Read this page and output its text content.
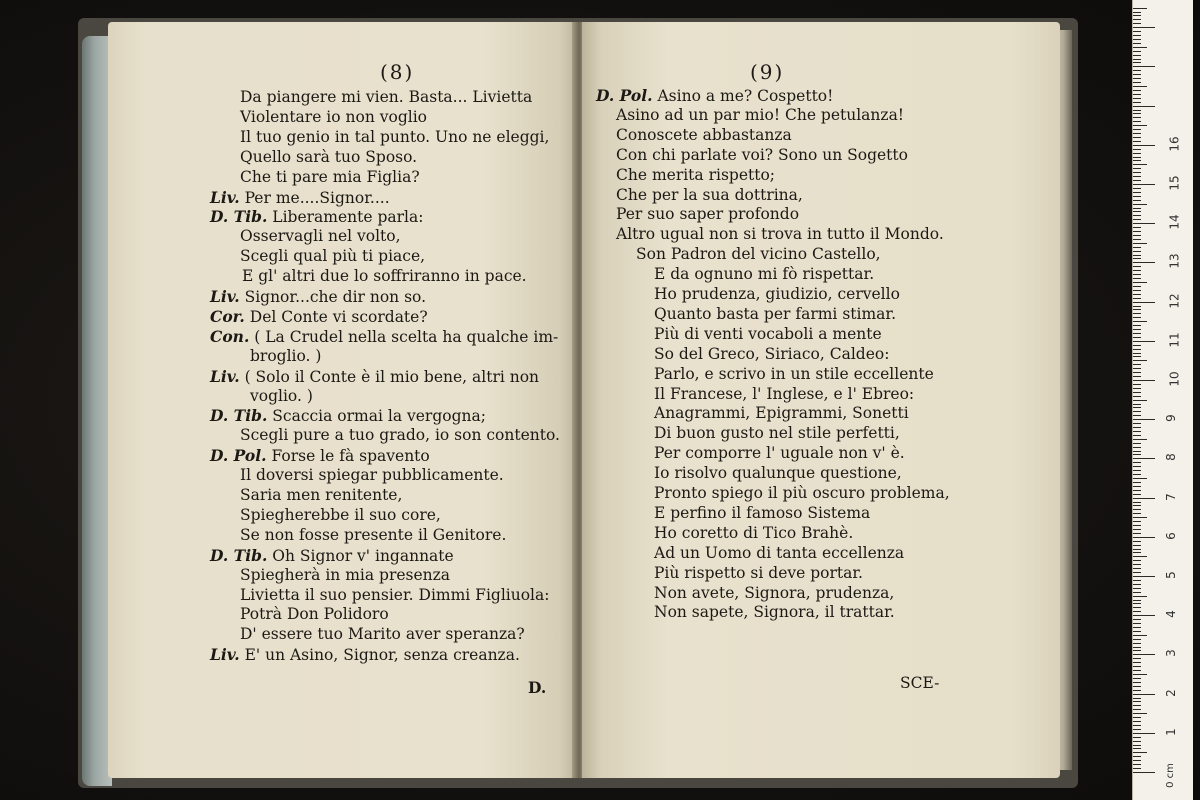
(8)
Da piangere mi vien. Basta... Livietta
Violentare io non voglio
Il tuo genio in tal punto. Uno ne eleggi,
Quello sarà tuo Sposo.
Che ti pare mia Figlia?
Liv. Per me....Signor....
D. Tib. Liberamente parla:
Osservagli nel volto,
Scegli qual più ti piace,
E gl' altri due lo soffriranno in pace.
Liv. Signor...che dir non so.
Cor. Del Conte vi scordate?
Con. ( La Crudel nella scelta ha qualche im-
broglio. )
Liv. ( Solo il Conte è il mio bene, altri non
voglio. )
D. Tib. Scaccia ormai la vergogna;
Scegli pure a tuo grado, io son contento.
D. Pol. Forse le fà spavento
Il doversi spiegar pubblicamente.
Saria men renitente,
Spiegherebbe il suo core,
Se non fosse presente il Genitore.
D. Tib. Oh Signor v' ingannate
Spiegherà in mia presenza
Livietta il suo pensier. Dimmi Figliuola:
Potrà Don Polidoro
D' essere tuo Marito aver speranza?
Liv. E' un Asino, Signor, senza creanza.
D.
(9)
D. Pol. Asino a me? Cospetto!
Asino ad un par mio! Che petulanza!
Conoscete abbastanza
Con chi parlate voi? Sono un Sogetto
Che merita rispetto;
Che per la sua dottrina,
Per suo saper profondo
Altro ugual non si trova in tutto il Mondo.
Son Padron del vicino Castello,
E da ognuno mi fò rispettar.
Ho prudenza, giudizio, cervello
Quanto basta per farmi stimar.
Più di venti vocaboli a mente
So del Greco, Siriaco, Caldeo:
Parlo, e scrivo in un stile eccellente
Il Francese, l' Inglese, e l' Ebreo:
Anagrammi, Epigrammi, Sonetti
Di buon gusto nel stile perfetti,
Per comporre l' uguale non v' è.
Io risolvo qualunque questione,
Pronto spiego il più oscuro problema,
E perfino il famoso Sistema
Ho coretto di Tico Brahè.
Ad un Uomo di tanta eccellenza
Più rispetto si deve portar.
Non avete, Signora, prudenza,
Non sapete, Signora, il trattar.
SCE-
1
2
3
4
5
6
7
8
9
10
11
12
13
14
15
16
0 cm
